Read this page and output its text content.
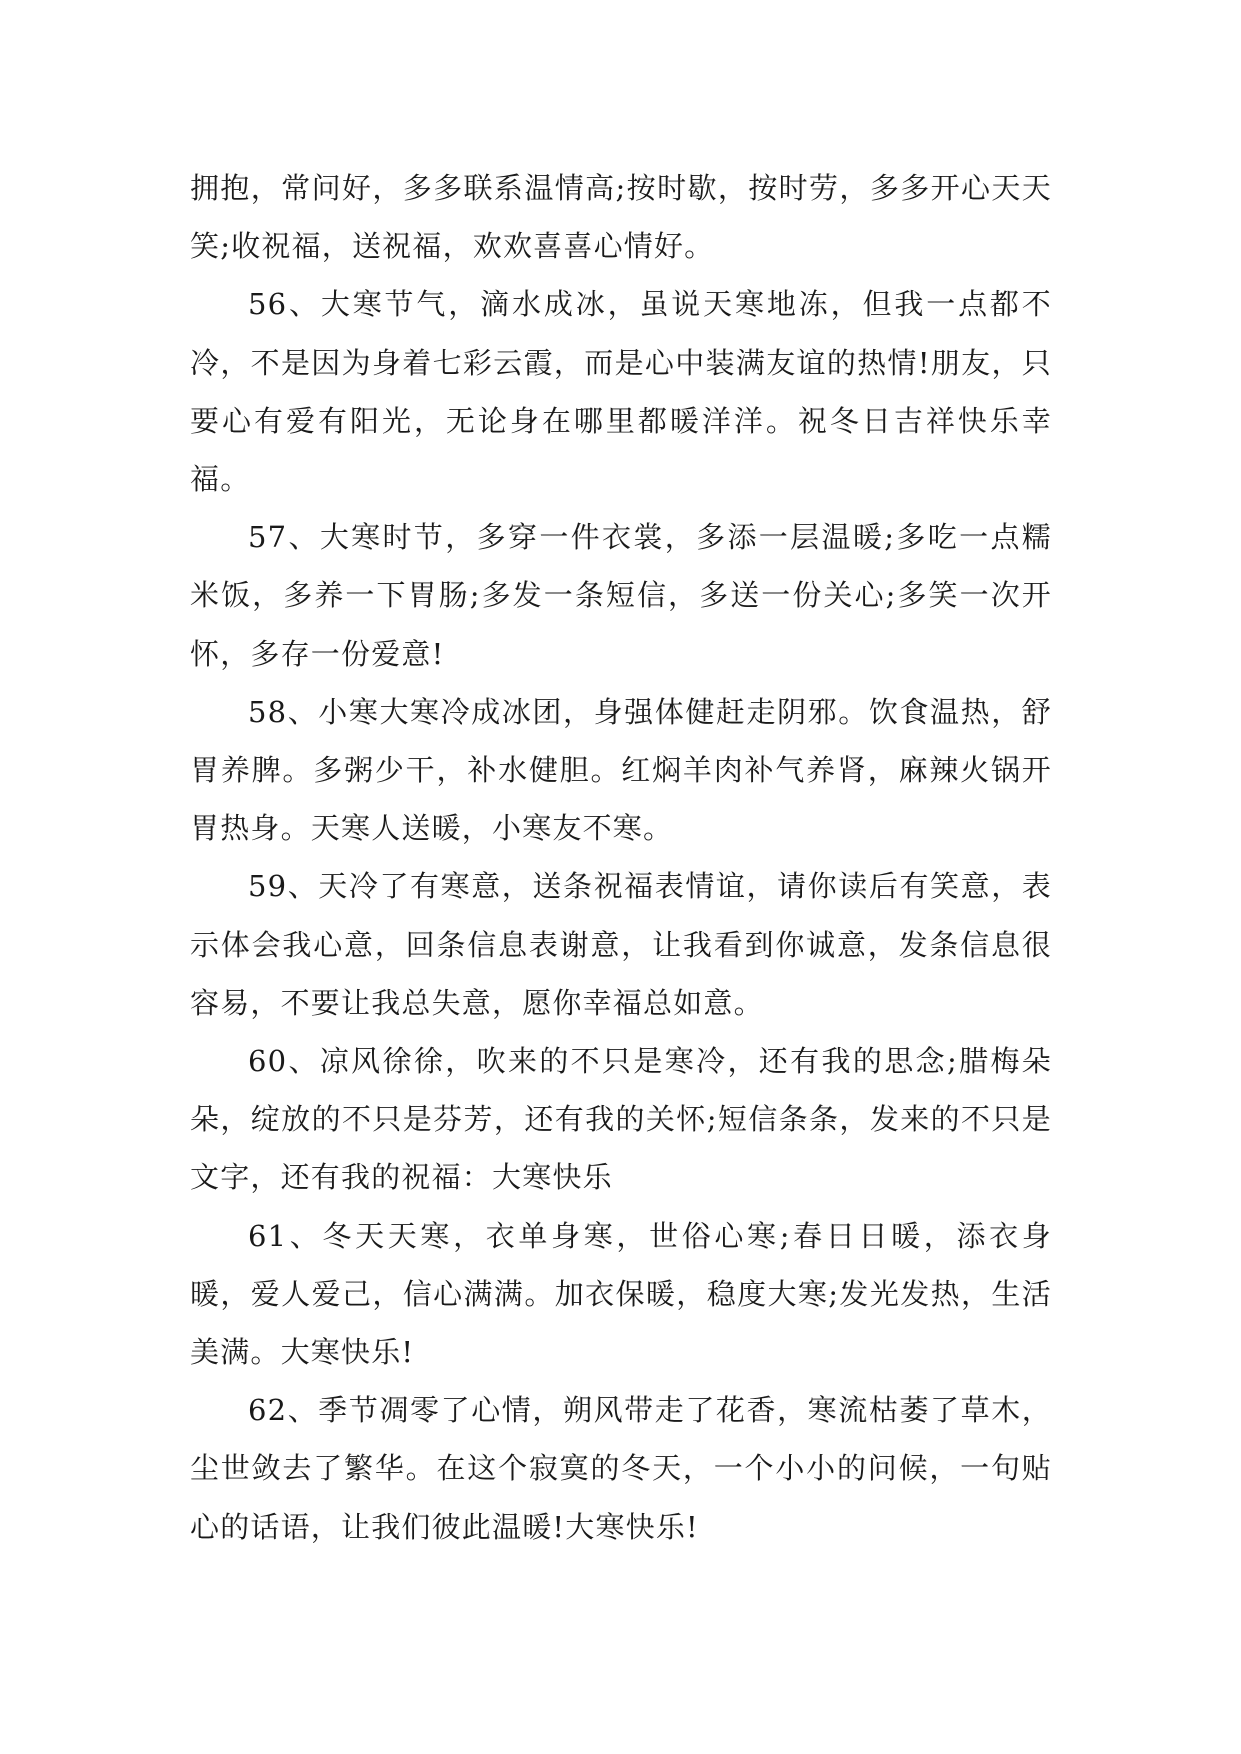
拥抱，常问好，多多联系温情高;按时歇，按时劳，多多开心天天笑;收祝福，送祝福，欢欢喜喜心情好。

56、大寒节气，滴水成冰，虽说天寒地冻，但我一点都不冷，不是因为身着七彩云霞，而是心中装满友谊的热情!朋友，只要心有爱有阳光，无论身在哪里都暖洋洋。祝冬日吉祥快乐幸福。

57、大寒时节，多穿一件衣裳，多添一层温暖;多吃一点糯米饭，多养一下胃肠;多发一条短信，多送一份关心;多笑一次开怀，多存一份爱意!

58、小寒大寒冷成冰团，身强体健赶走阴邪。饮食温热，舒胃养脾。多粥少干，补水健胆。红焖羊肉补气养肾，麻辣火锅开胃热身。天寒人送暖，小寒友不寒。

59、天冷了有寒意，送条祝福表情谊，请你读后有笑意，表示体会我心意，回条信息表谢意，让我看到你诚意，发条信息很容易，不要让我总失意，愿你幸福总如意。

60、凉风徐徐，吹来的不只是寒冷，还有我的思念;腊梅朵朵，绽放的不只是芬芳，还有我的关怀;短信条条，发来的不只是文字，还有我的祝福：大寒快乐

61、冬天天寒，衣单身寒，世俗心寒;春日日暖，添衣身暖，爱人爱己，信心满满。加衣保暖，稳度大寒;发光发热，生活美满。大寒快乐!

62、季节凋零了心情，朔风带走了花香，寒流枯萎了草木，尘世敛去了繁华。在这个寂寞的冬天，一个小小的问候，一句贴心的话语，让我们彼此温暖!大寒快乐!
